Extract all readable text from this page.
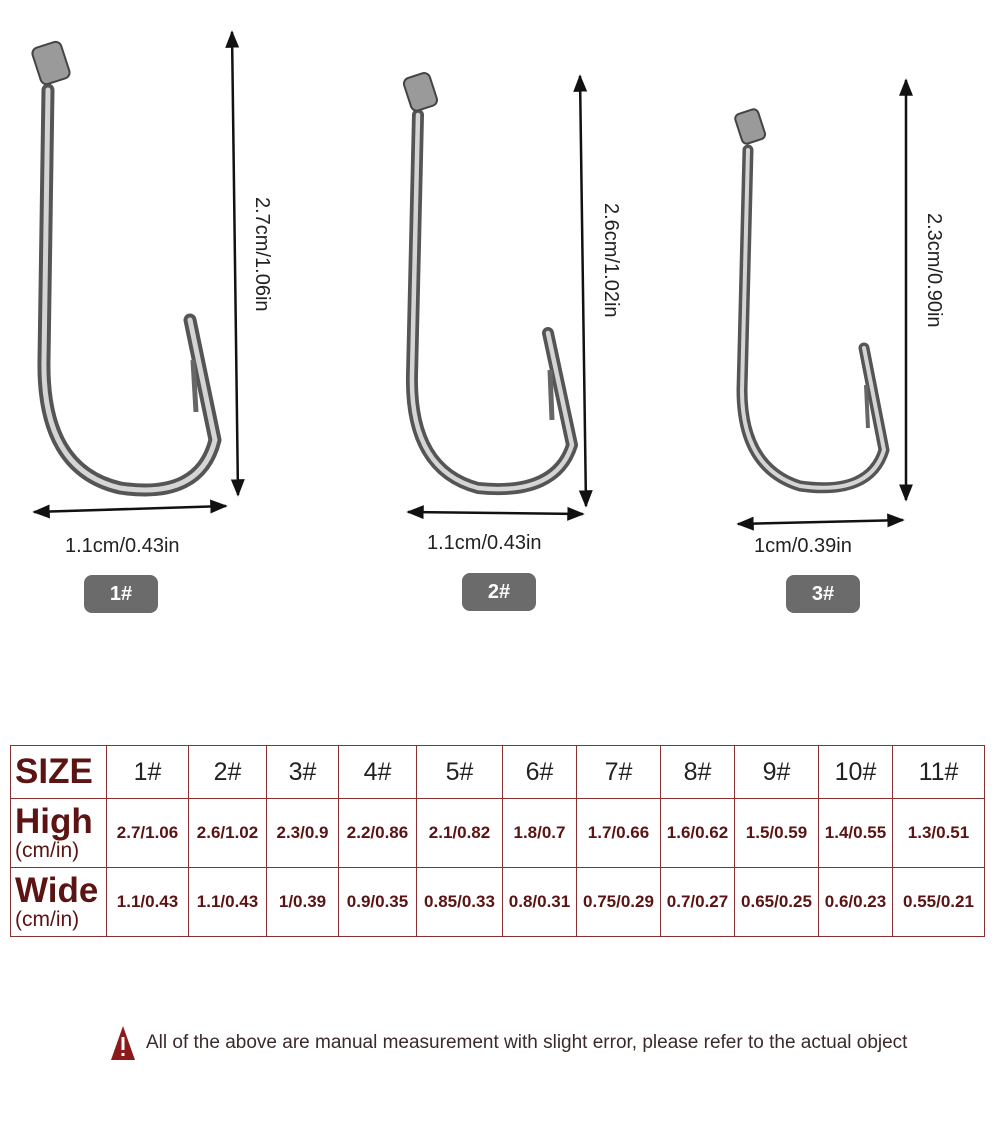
2.7cm/1.06in	2.6cm/1.02in	2.3cm/0.90in
1.1cm/0.43in	1.1cm/0.43in	1cm/0.39in
1#	2#	3#
SIZE	1#	2#	3#	4#	5#	6#	7#	8#	9#	10#	11#

High
(cm/in)	2.7/1.06	2.6/1.02	2.3/0.9	2.2/0.86	2.1/0.82	1.8/0.7	1.7/0.66	1.6/0.62	1.5/0.59	1.4/0.55	1.3/0.51

Wide
(cm/in)	1.1/0.43	1.1/0.43	1/0.39	0.9/0.35	0.85/0.33	0.8/0.31	0.75/0.29	0.7/0.27	0.65/0.25	0.6/0.23	0.55/0.21
All of the above are manual measurement with slight error, please refer to the actual object
